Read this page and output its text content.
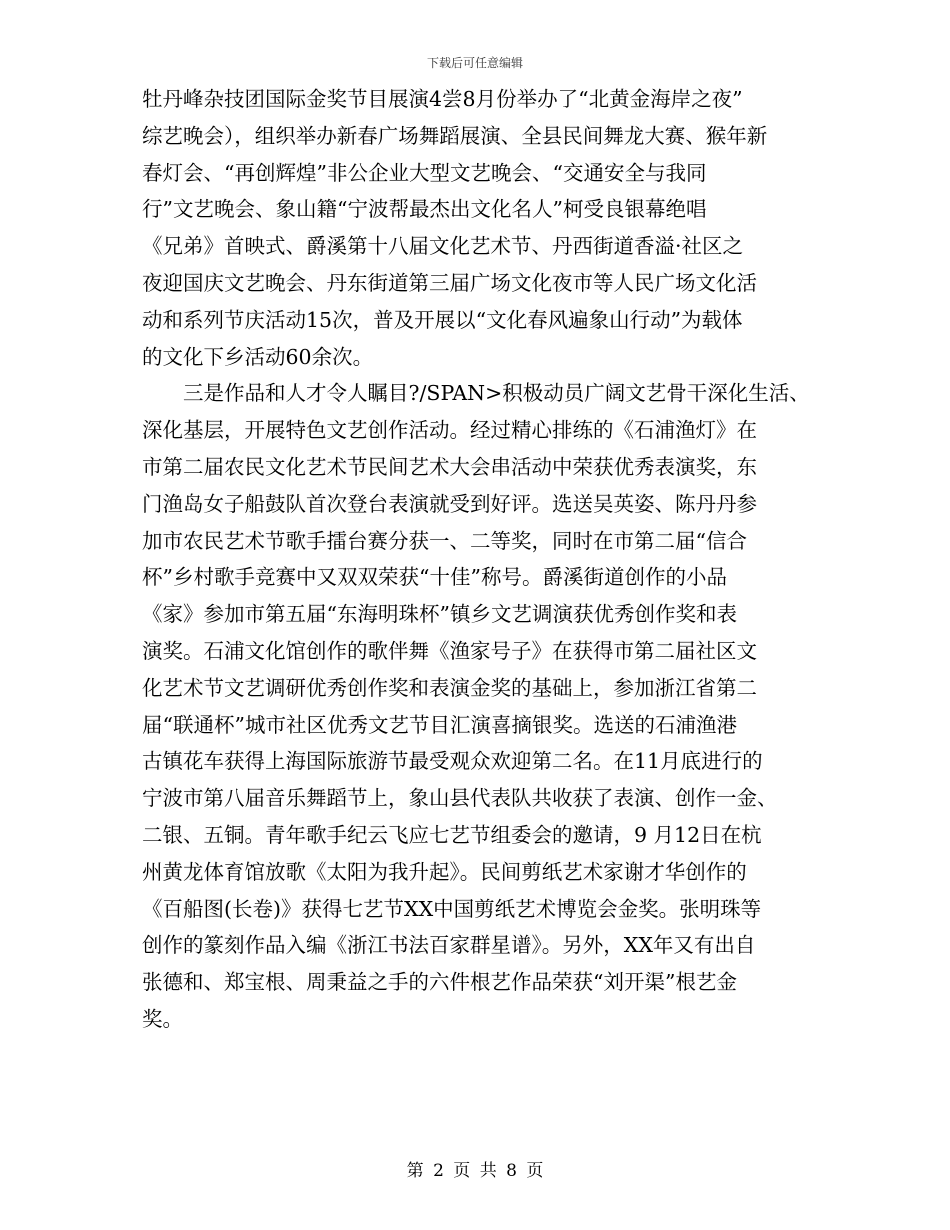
下载后可任意编辑
牡丹峰杂技团国际金奖节目展演4尝8月份举办了“北黄金海岸之夜”
综艺晚会），组织举办新春广场舞蹈展演、全县民间舞龙大赛、猴年新
春灯会、“再创辉煌”非公企业大型文艺晚会、“交通安全与我同
行”文艺晚会、象山籍“宁波帮最杰出文化名人”柯受良银幕绝唱
《兄弟》首映式、爵溪第十八届文化艺术节、丹西街道香溢·社区之
夜迎国庆文艺晚会、丹东街道第三届广场文化夜市等人民广场文化活
动和系列节庆活动15次，普及开展以“文化春风遍象山行动”为载体
的文化下乡活动60余次。
　　三是作品和人才令人瞩目?/SPAN>积极动员广阔文艺骨干深化生活、
深化基层，开展特色文艺创作活动。经过精心排练的《石浦渔灯》在
市第二届农民文化艺术节民间艺术大会串活动中荣获优秀表演奖，东
门渔岛女子船鼓队首次登台表演就受到好评。选送吴英姿、陈丹丹参
加市农民艺术节歌手擂台赛分获一、二等奖，同时在市第二届“信合
杯”乡村歌手竞赛中又双双荣获“十佳”称号。爵溪街道创作的小品
《家》参加市第五届“东海明珠杯”镇乡文艺调演获优秀创作奖和表
演奖。石浦文化馆创作的歌伴舞《渔家号子》在获得市第二届社区文
化艺术节文艺调研优秀创作奖和表演金奖的基础上，参加浙江省第二
届“联通杯”城市社区优秀文艺节目汇演喜摘银奖。选送的石浦渔港
古镇花车获得上海国际旅游节最受观众欢迎第二名。在11月底进行的
宁波市第八届音乐舞蹈节上，象山县代表队共收获了表演、创作一金、
二银、五铜。青年歌手纪云飞应七艺节组委会的邀请，9 月12日在杭
州黄龙体育馆放歌《太阳为我升起》。民间剪纸艺术家谢才华创作的
《百船图(长卷)》获得七艺节XX中国剪纸艺术博览会金奖。张明珠等
创作的篆刻作品入编《浙江书法百家群星谱》。另外，XX年又有出自
张德和、郑宝根、周秉益之手的六件根艺作品荣获“刘开渠”根艺金
奖。
第 2 页 共 8 页
